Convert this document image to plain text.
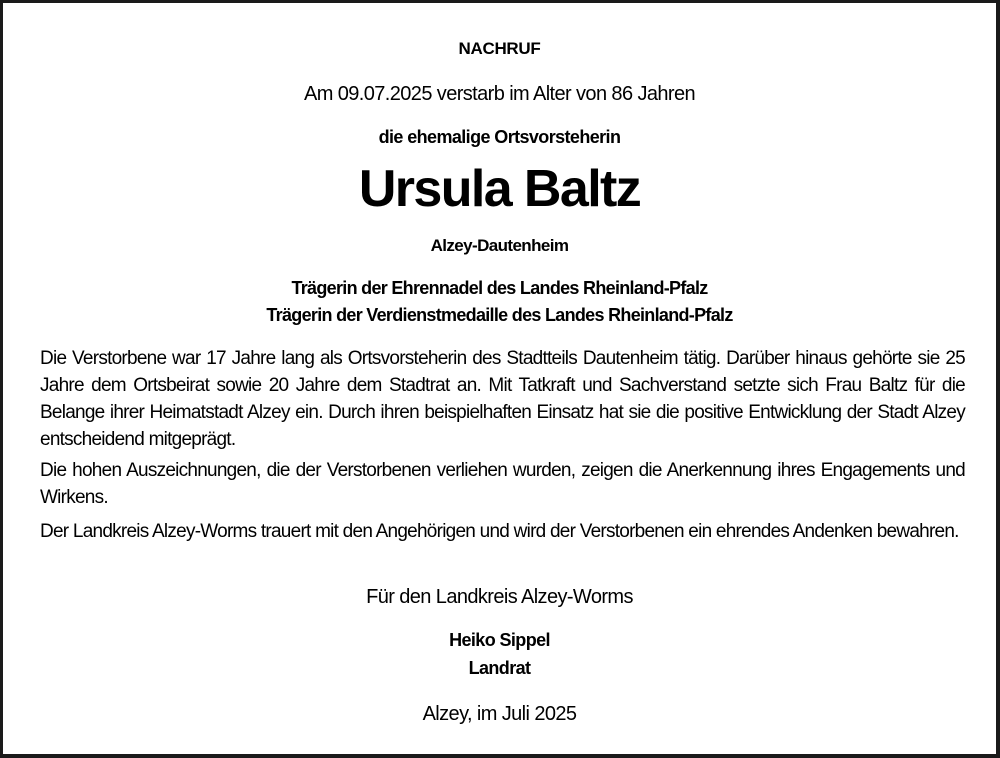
NACHRUF
Am 09.07.2025 verstarb im Alter von 86 Jahren
die ehemalige Ortsvorsteherin
Ursula Baltz
Alzey-Dautenheim
Trägerin der Ehrennadel des Landes Rheinland-Pfalz
Trägerin der Verdienstmedaille des Landes Rheinland-Pfalz
Die Verstorbene war 17 Jahre lang als Ortsvorsteherin des Stadtteils Dautenheim tätig. Darüber hinaus gehörte sie 25 Jahre dem Ortsbeirat sowie 20 Jahre dem Stadtrat an. Mit Tatkraft und Sachverstand setzte sich Frau Baltz für die Belange ihrer Heimatstadt Alzey ein. Durch ihren beispielhaften Einsatz hat sie die positive Entwicklung der Stadt Alzey entscheidend mitgeprägt.
Die hohen Auszeichnungen, die der Verstorbenen verliehen wurden, zeigen die Anerkennung ihres Engagements und Wirkens.
Der Landkreis Alzey-Worms trauert mit den Angehörigen und wird der Verstorbenen ein ehrendes Andenken bewahren.
Für den Landkreis Alzey-Worms
Heiko Sippel
Landrat
Alzey, im Juli 2025
